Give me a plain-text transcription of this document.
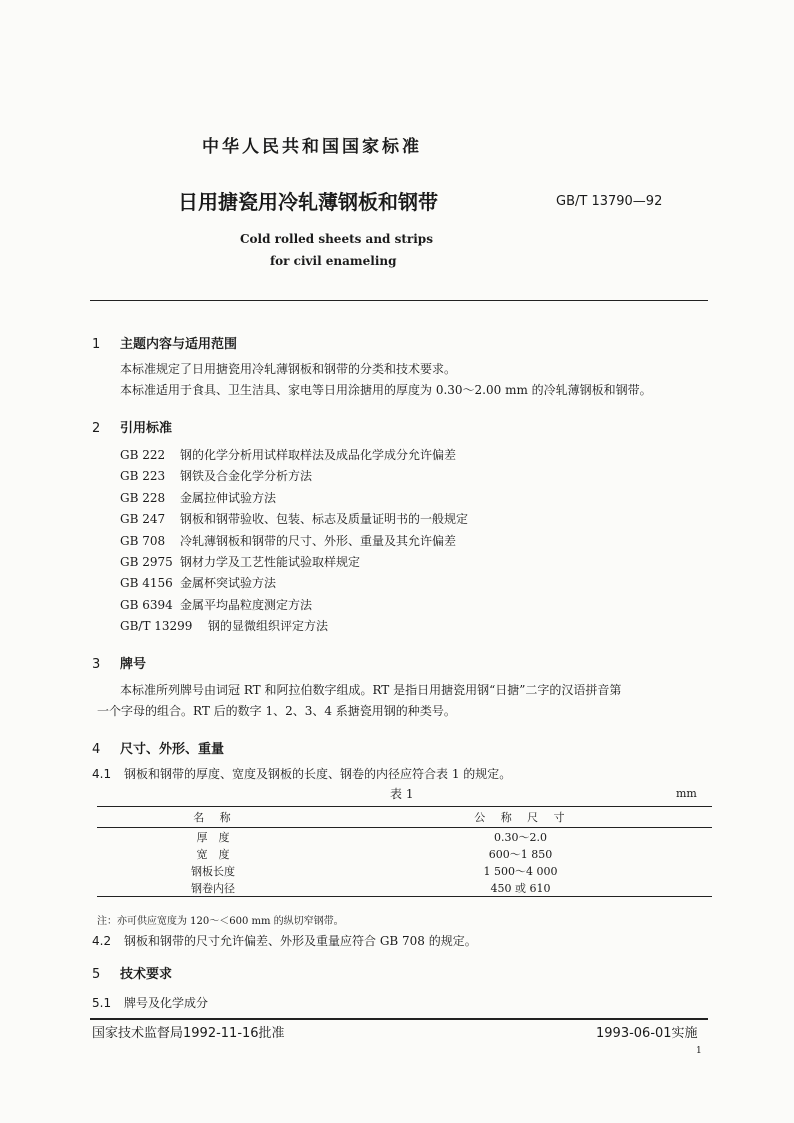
中华人民共和国国家标准
日用搪瓷用冷轧薄钢板和钢带	GB/T 13790—92
Cold rolled sheets and strips
for civil enameling
1 主题内容与适用范围
本标准规定了日用搪瓷用冷轧薄钢板和钢带的分类和技术要求。
本标准适用于食具、卫生洁具、家电等日用涂搪用的厚度为 0.30～2.00 mm 的冷轧薄钢板和钢带。
2 引用标准
GB 222 钢的化学分析用试样取样法及成品化学成分允许偏差
GB 223 钢铁及合金化学分析方法
GB 228 金属拉伸试验方法
GB 247 钢板和钢带验收、包装、标志及质量证明书的一般规定
GB 708 冷轧薄钢板和钢带的尺寸、外形、重量及其允许偏差
GB 2975 钢材力学及工艺性能试验取样规定
GB 4156 金属杯突试验方法
GB 6394 金属平均晶粒度测定方法
GB/T 13299 钢的显微组织评定方法
3 牌号
本标准所列牌号由词冠 RT 和阿拉伯数字组成。RT 是指日用搪瓷用钢“日搪”二字的汉语拼音第
一个字母的组合。RT 后的数字 1、2、3、4 系搪瓷用钢的种类号。
4 尺寸、外形、重量
4.1 钢板和钢带的厚度、宽度及钢板的长度、钢卷的内径应符合表 1 的规定。
表 1	mm
名　称	公　称　尺　寸
厚　度	0.30～2.0
宽　度	600～1 850
钢板长度	1 500～4 000
钢卷内径	450 或 610
注：亦可供应宽度为 120～＜600 mm 的纵切窄钢带。
4.2 钢板和钢带的尺寸允许偏差、外形及重量应符合 GB 708 的规定。
5 技术要求
5.1 牌号及化学成分
国家技术监督局1992-11-16批准	1993-06-01实施
1
